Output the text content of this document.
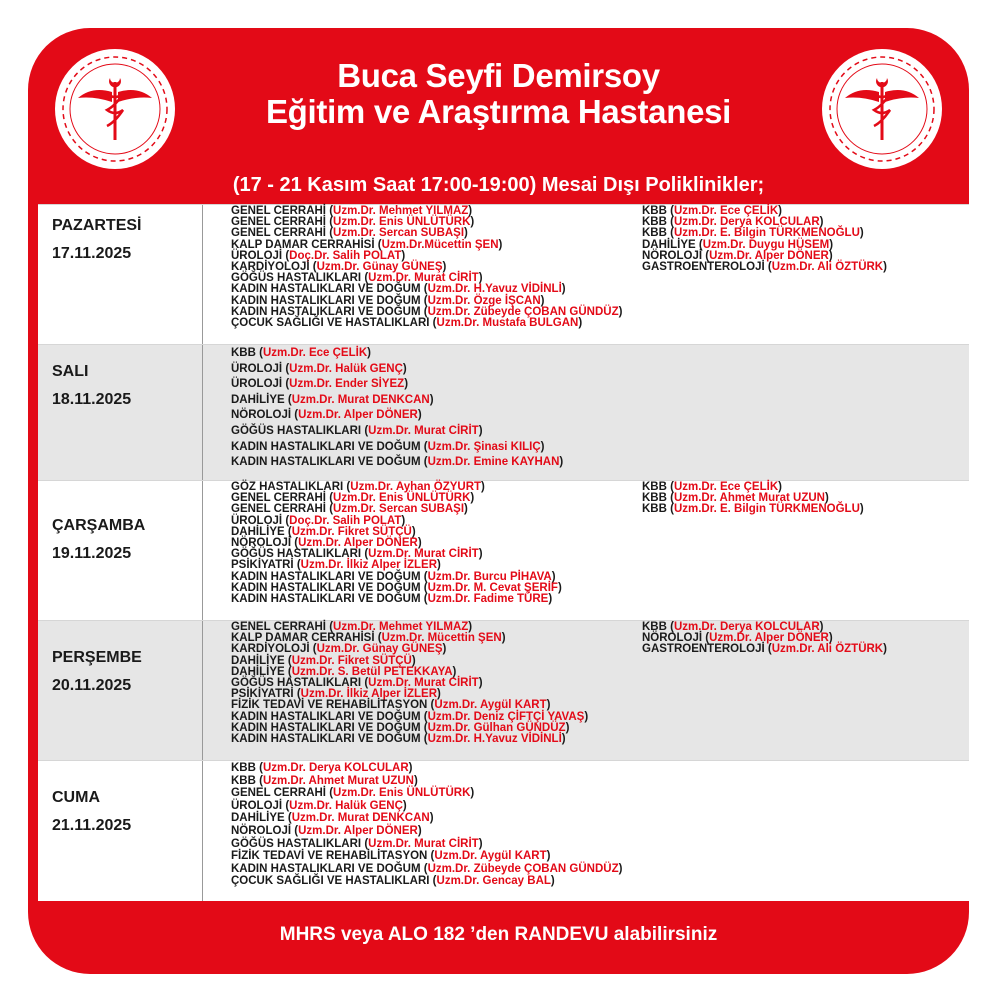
Buca Seyfi Demirsoy
Eğitim ve Araştırma Hastanesi
(17 - 21 Kasım Saat 17:00-19:00) Mesai Dışı Poliklinikler;
PAZARTESİ
17.11.2025
GENEL CERRAHİ (Uzm.Dr. Mehmet YILMAZ)
GENEL CERRAHİ (Uzm.Dr. Enis ÜNLÜTÜRK)
GENEL CERRAHİ (Uzm.Dr. Sercan SUBAŞI)
KALP DAMAR CERRAHİSİ (Uzm.Dr.Mücettin ŞEN)
ÜROLOJİ (Doç.Dr. Salih POLAT)
KARDİYOLOJİ (Uzm.Dr. Günay GÜNEŞ)
GÖĞÜS HASTALIKLARI (Uzm.Dr. Murat CİRİT)
KADIN HASTALIKLARI VE DOĞUM (Uzm.Dr. H.Yavuz VİDİNLİ)
KADIN HASTALIKLARI VE DOĞUM (Uzm.Dr. Özge İŞCAN)
KADIN HASTALIKLARI VE DOĞUM (Uzm.Dr. Zübeyde ÇOBAN GÜNDÜZ)
ÇOCUK SAĞLIĞI VE HASTALIKLARI (Uzm.Dr. Mustafa BULGAN)
KBB (Uzm.Dr. Ece ÇELİK)
KBB (Uzm.Dr. Derya KOLCULAR)
KBB (Uzm.Dr. E. Bilgin TÜRKMENOĞLU)
DAHİLİYE (Uzm.Dr. Duygu HÜSEM)
NÖROLOJİ (Uzm.Dr. Alper DÖNER)
GASTROENTEROLOJİ (Uzm.Dr. Ali ÖZTÜRK)
SALI
18.11.2025
KBB (Uzm.Dr. Ece ÇELİK)
ÜROLOJİ (Uzm.Dr. Halük GENÇ)
ÜROLOJİ (Uzm.Dr. Ender SİYEZ)
DAHİLİYE (Uzm.Dr. Murat DENKCAN)
NÖROLOJİ (Uzm.Dr. Alper DÖNER)
GÖĞÜS HASTALIKLARI (Uzm.Dr. Murat CİRİT)
KADIN HASTALIKLARI VE DOĞUM (Uzm.Dr. Şinasi KILIÇ)
KADIN HASTALIKLARI VE DOĞUM (Uzm.Dr. Emine KAYHAN)
ÇARŞAMBA
19.11.2025
GÖZ HASTALIKLARI (Uzm.Dr. Ayhan ÖZYURT)
GENEL CERRAHİ (Uzm.Dr. Enis ÜNLÜTÜRK)
GENEL CERRAHİ (Uzm.Dr. Sercan SUBAŞI)
ÜROLOJİ (Doç.Dr. Salih POLAT)
DAHİLİYE (Uzm.Dr. Fikret SÜTÇÜ)
NÖROLOJİ (Uzm.Dr. Alper DÖNER)
GÖĞÜS HASTALIKLARI (Uzm.Dr. Murat CİRİT)
PSİKİYATRİ (Uzm.Dr. İlkiz Alper İZLER)
KADIN HASTALIKLARI VE DOĞUM (Uzm.Dr. Burcu PİHAVA)
KADIN HASTALIKLARI VE DOĞUM (Uzm.Dr. M. Cevat ŞERİF)
KADIN HASTALIKLARI VE DOĞUM (Uzm.Dr. Fadime TÜRE)
KBB (Uzm.Dr. Ece ÇELİK)
KBB (Uzm.Dr. Ahmet Murat UZUN)
KBB (Uzm.Dr. E. Bilgin TÜRKMENOĞLU)
PERŞEMBE
20.11.2025
GENEL CERRAHİ (Uzm.Dr. Mehmet YILMAZ)
KALP DAMAR CERRAHİSİ (Uzm.Dr. Mücettin ŞEN)
KARDİYOLOJİ (Uzm.Dr. Günay GÜNEŞ)
DAHİLİYE (Uzm.Dr. Fikret SÜTÇÜ)
DAHİLİYE (Uzm.Dr. S. Betül PETEKKAYA)
GÖĞÜS HASTALIKLARI (Uzm.Dr. Murat CİRİT)
PSİKİYATRİ (Uzm.Dr. İlkiz Alper İZLER)
FİZİK TEDAVİ VE REHABİLİTASYON (Uzm.Dr. Aygül KART)
KADIN HASTALIKLARI VE DOĞUM (Uzm.Dr. Deniz ÇİFTÇİ YAVAŞ)
KADIN HASTALIKLARI VE DOĞUM (Uzm.Dr. Gülhan GÜNDÜZ)
KADIN HASTALIKLARI VE DOĞUM (Uzm.Dr. H.Yavuz VİDİNLİ)
KBB (Uzm.Dr. Derya KOLCULAR)
NÖROLOJİ (Uzm.Dr. Alper DÖNER)
GASTROENTEROLOJİ (Uzm.Dr. Ali ÖZTÜRK)
CUMA
21.11.2025
KBB (Uzm.Dr. Derya KOLCULAR)
KBB (Uzm.Dr. Ahmet Murat UZUN)
GENEL CERRAHİ (Uzm.Dr. Enis ÜNLÜTÜRK)
ÜROLOJİ (Uzm.Dr. Halük GENÇ)
DAHİLİYE (Uzm.Dr. Murat DENKCAN)
NÖROLOJİ (Uzm.Dr. Alper DÖNER)
GÖĞÜS HASTALIKLARI (Uzm.Dr. Murat CİRİT)
FİZİK TEDAVİ VE REHABİLİTASYON (Uzm.Dr. Aygül KART)
KADIN HASTALIKLARI VE DOĞUM (Uzm.Dr. Zübeyde ÇOBAN GÜNDÜZ)
ÇOCUK SAĞLIĞI VE HASTALIKLARI (Uzm.Dr. Gencay BAL)
MHRS veya ALO 182 ’den RANDEVU alabilirsiniz
